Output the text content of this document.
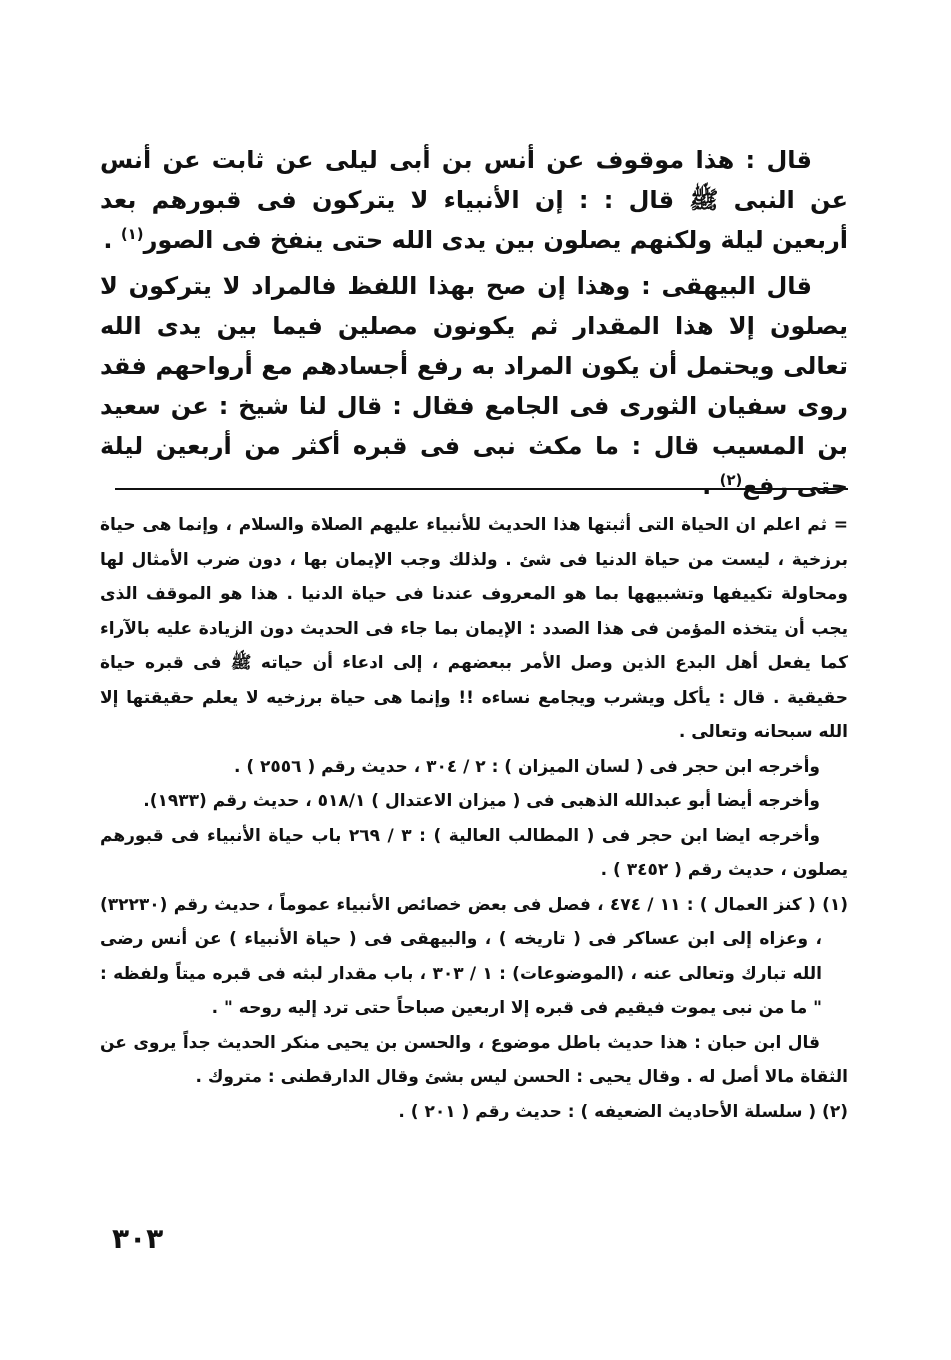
قال : هذا موقوف عن أنس بن أبى ليلى عن ثابت عن أنس عن النبى ﷺ قال : : إن الأنبياء لا يتركون فى قبورهم بعد أربعين ليلة ولكنهم يصلون بين يدى الله حتى ينفخ فى الصور$^{(١)}$ .

قال البيهقى : وهذا إن صح بهذا اللفظ فالمراد لا يتركون لا يصلون إلا هذا المقدار ثم يكونون مصلين فيما بين يدى الله تعالى ويحتمل أن يكون المراد به رفع أجسادهم مع أرواحهم فقد روى سفيان الثورى فى الجامع فقال : قال لنا شيخ : عن سعيد بن المسيب قال : ما مكث نبى فى قبره أكثر من أربعين ليلة حتى رفع$^{(٢)}$ .

= ثم اعلم ان الحياة التى أثبتها هذا الحديث للأنبياء عليهم الصلاة والسلام ، وإنما هى حياة برزخية ، ليست من حياة الدنيا فى شئ . ولذلك وجب الإيمان بها ، دون ضرب الأمثال لها ومحاولة تكييفها وتشبيهها بما هو المعروف عندنا فى حياة الدنيا . هذا هو الموقف الذى يجب أن يتخذه المؤمن فى هذا الصدد : الإيمان بما جاء فى الحديث دون الزيادة عليه بالآراء كما يفعل أهل البدع الذين وصل الأمر ببعضهم ، إلى ادعاء أن حياته ﷺ فى قبره حياة حقيقية . قال : يأكل ويشرب ويجامع نساءه !! وإنما هى حياة برزخيه لا يعلم حقيقتها إلا الله سبحانه وتعالى .

وأخرجه ابن حجر فى ( لسان الميزان ) : ٢ / ٣٠٤ ، حديث رقم ( ٢٥٥٦ ) .

وأخرجه أيضا أبو عبدالله الذهبى فى ( ميزان الاعتدال ) ٥١٨/١ ، حديث رقم (١٩٣٣).

وأخرجه ايضا ابن حجر فى ( المطالب العالية ) : ٣ / ٢٦٩ باب حياة الأنبياء فى قبورهم يصلون ، حديث رقم ( ٣٤٥٢ ) .

(١) ( كنز العمال ) : ١١ / ٤٧٤ ، فصل فى بعض خصائص الأنبياء عموماً ، حديث رقم (٣٢٢٣٠) ، وعزاه إلى ابن عساكر فى ( تاريخه ) ، والبيهقى فى ( حياة الأنبياء ) عن أنس رضى الله تبارك وتعالى عنه ، (الموضوعات) : ١ / ٣٠٣ ، باب مقدار لبثه فى قبره ميتاً ولفظه : " ما من نبى يموت فيقيم فى قبره إلا اربعين صباحاً حتى ترد إليه روحه " .

قال ابن حبان : هذا حديث باطل موضوع ، والحسن بن يحيى منكر الحديث جداً يروى عن الثقاة مالا أصل له . وقال يحيى : الحسن ليس بشئ وقال الدارقطنى : متروك .

(٢) ( سلسلة الأحاديث الضعيفه ) : حديث رقم ( ٢٠١ ) .

٣٠٣
